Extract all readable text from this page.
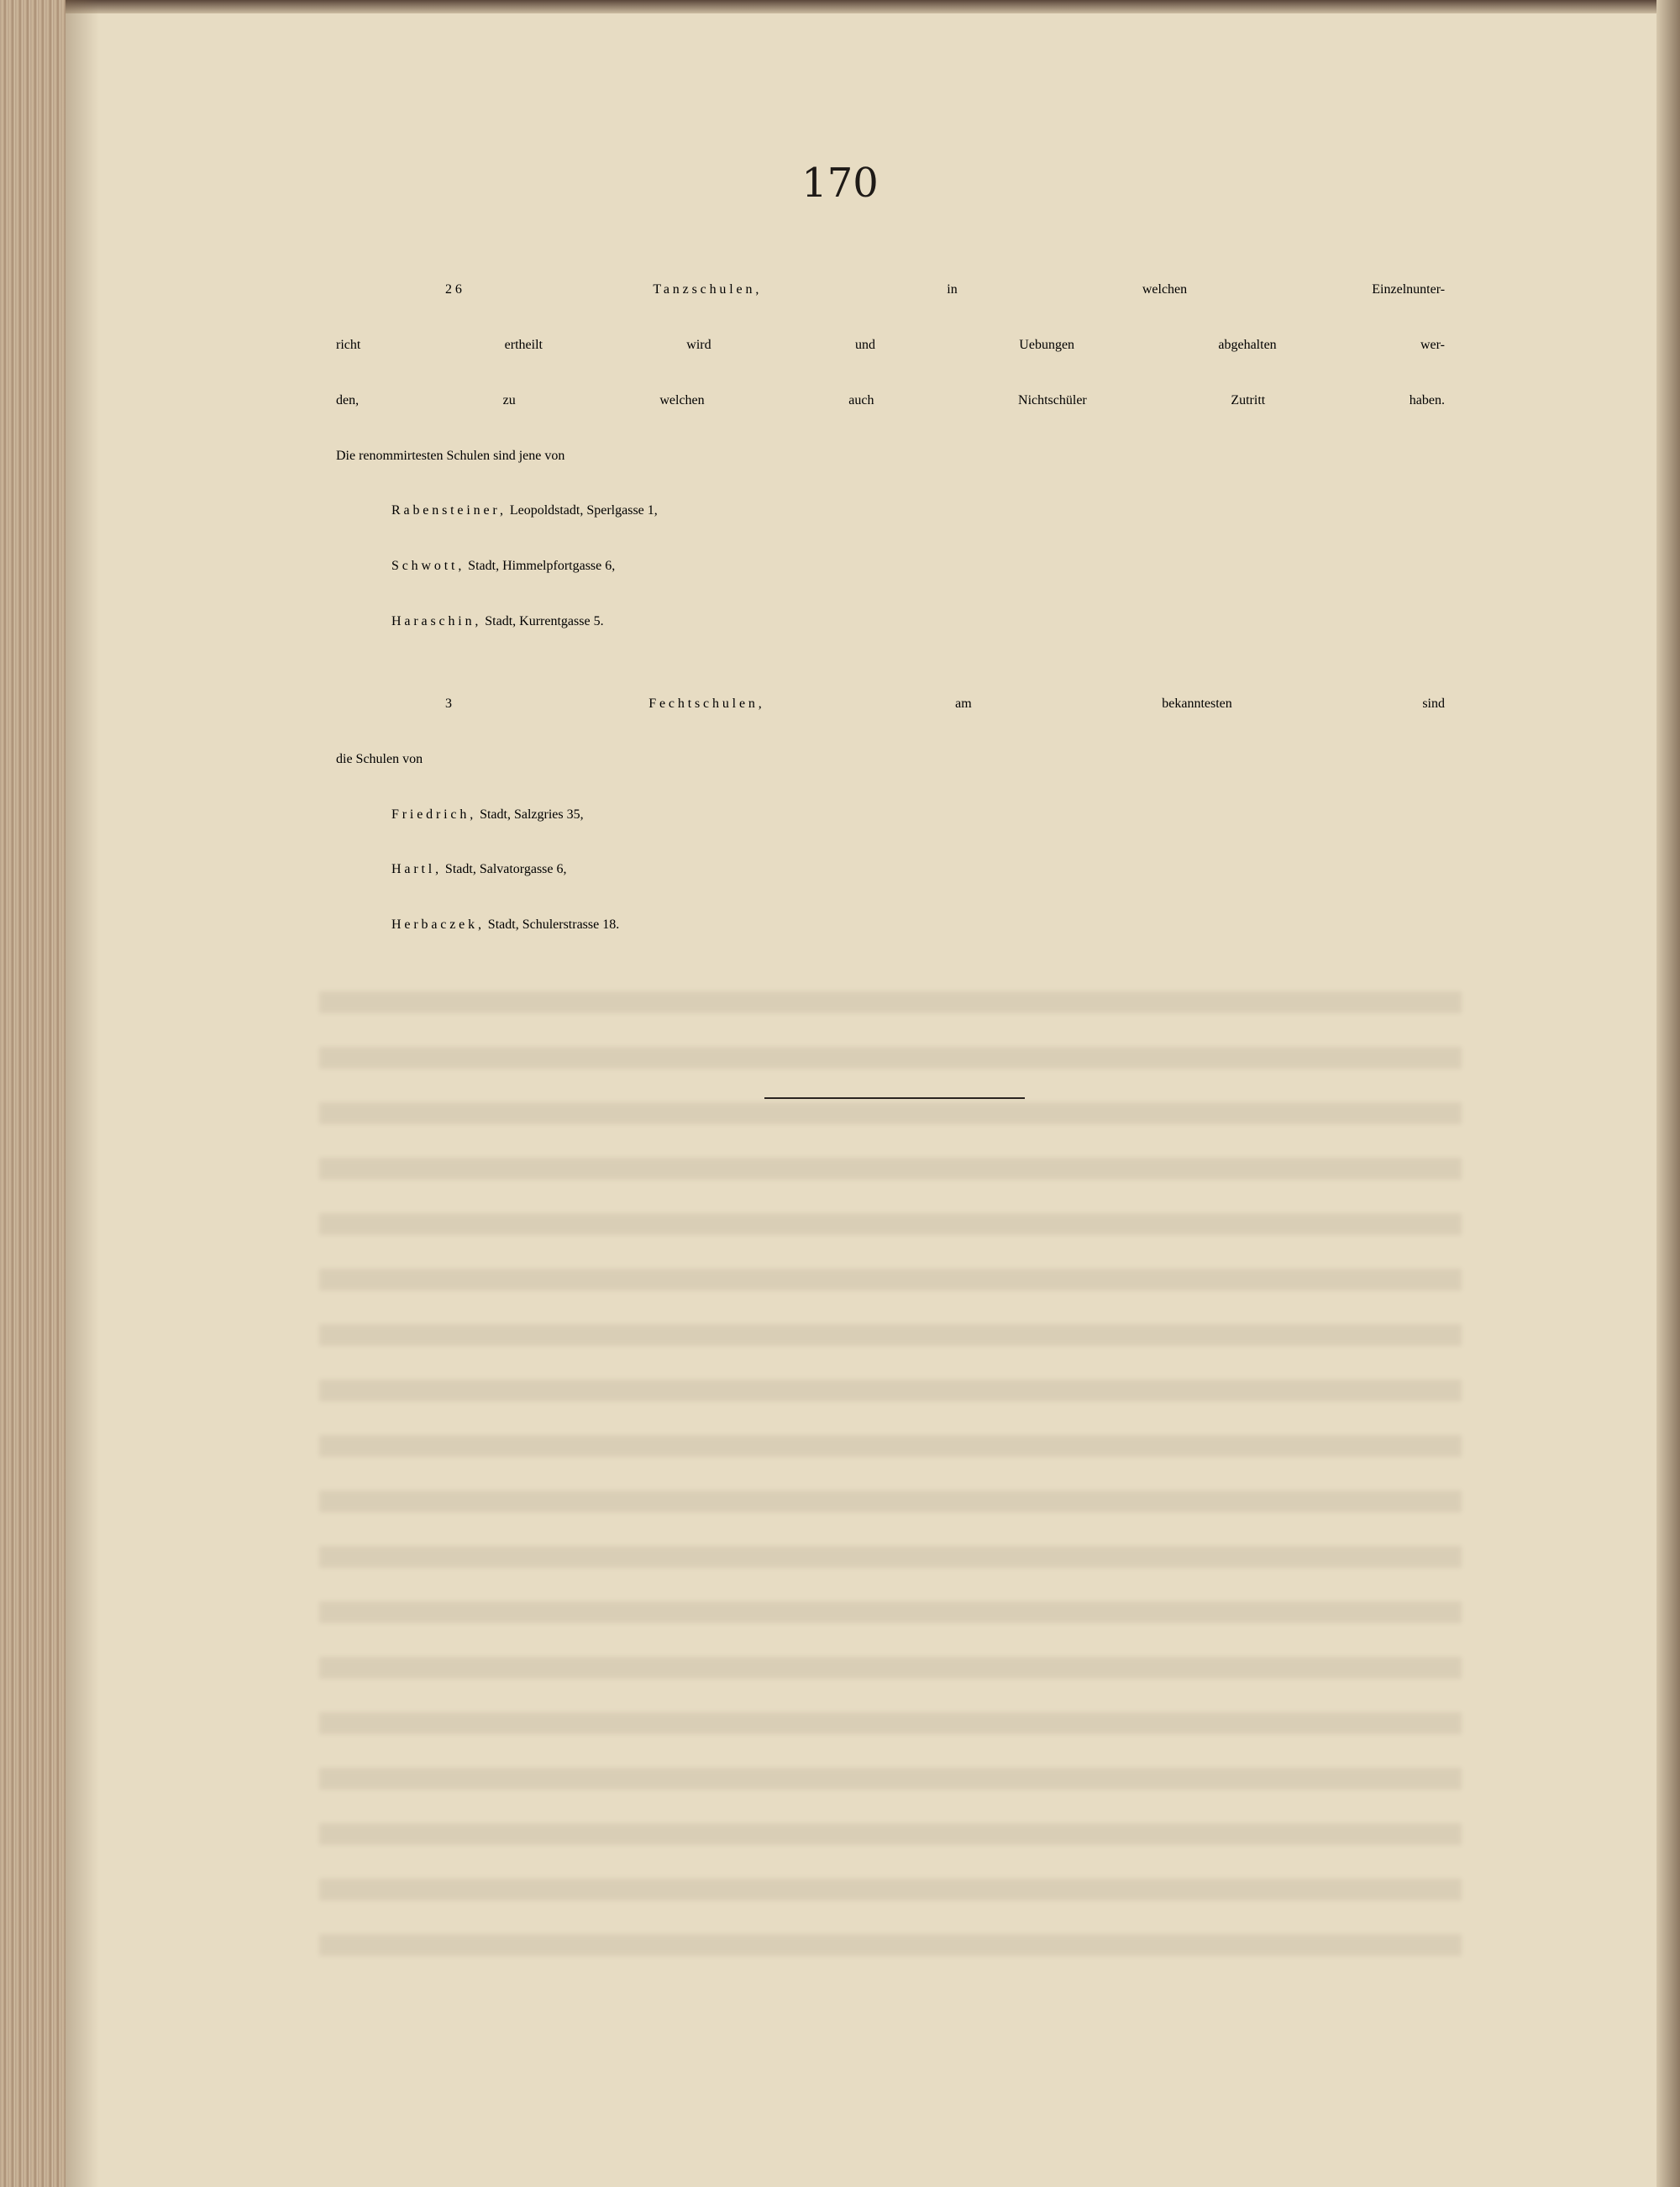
170
26 Tanzschulen,	in welchen Einzelnunter-
richt ertheilt wird und Uebungen abgehalten wer-
den, zu welchen auch Nichtschüler Zutritt haben.
Die renommirtesten Schulen sind jene von
Rabensteiner, Leopoldstadt, Sperlgasse 1,
Schwott, Stadt, Himmelpfortgasse 6,
Haraschin, Stadt, Kurrentgasse 5.
3 Fechtschulen,	am bekanntesten sind
die Schulen von
Friedrich, Stadt, Salzgries 35,
Hartl, Stadt, Salvatorgasse 6,
Herbaczek, Stadt, Schulerstrasse 18.
